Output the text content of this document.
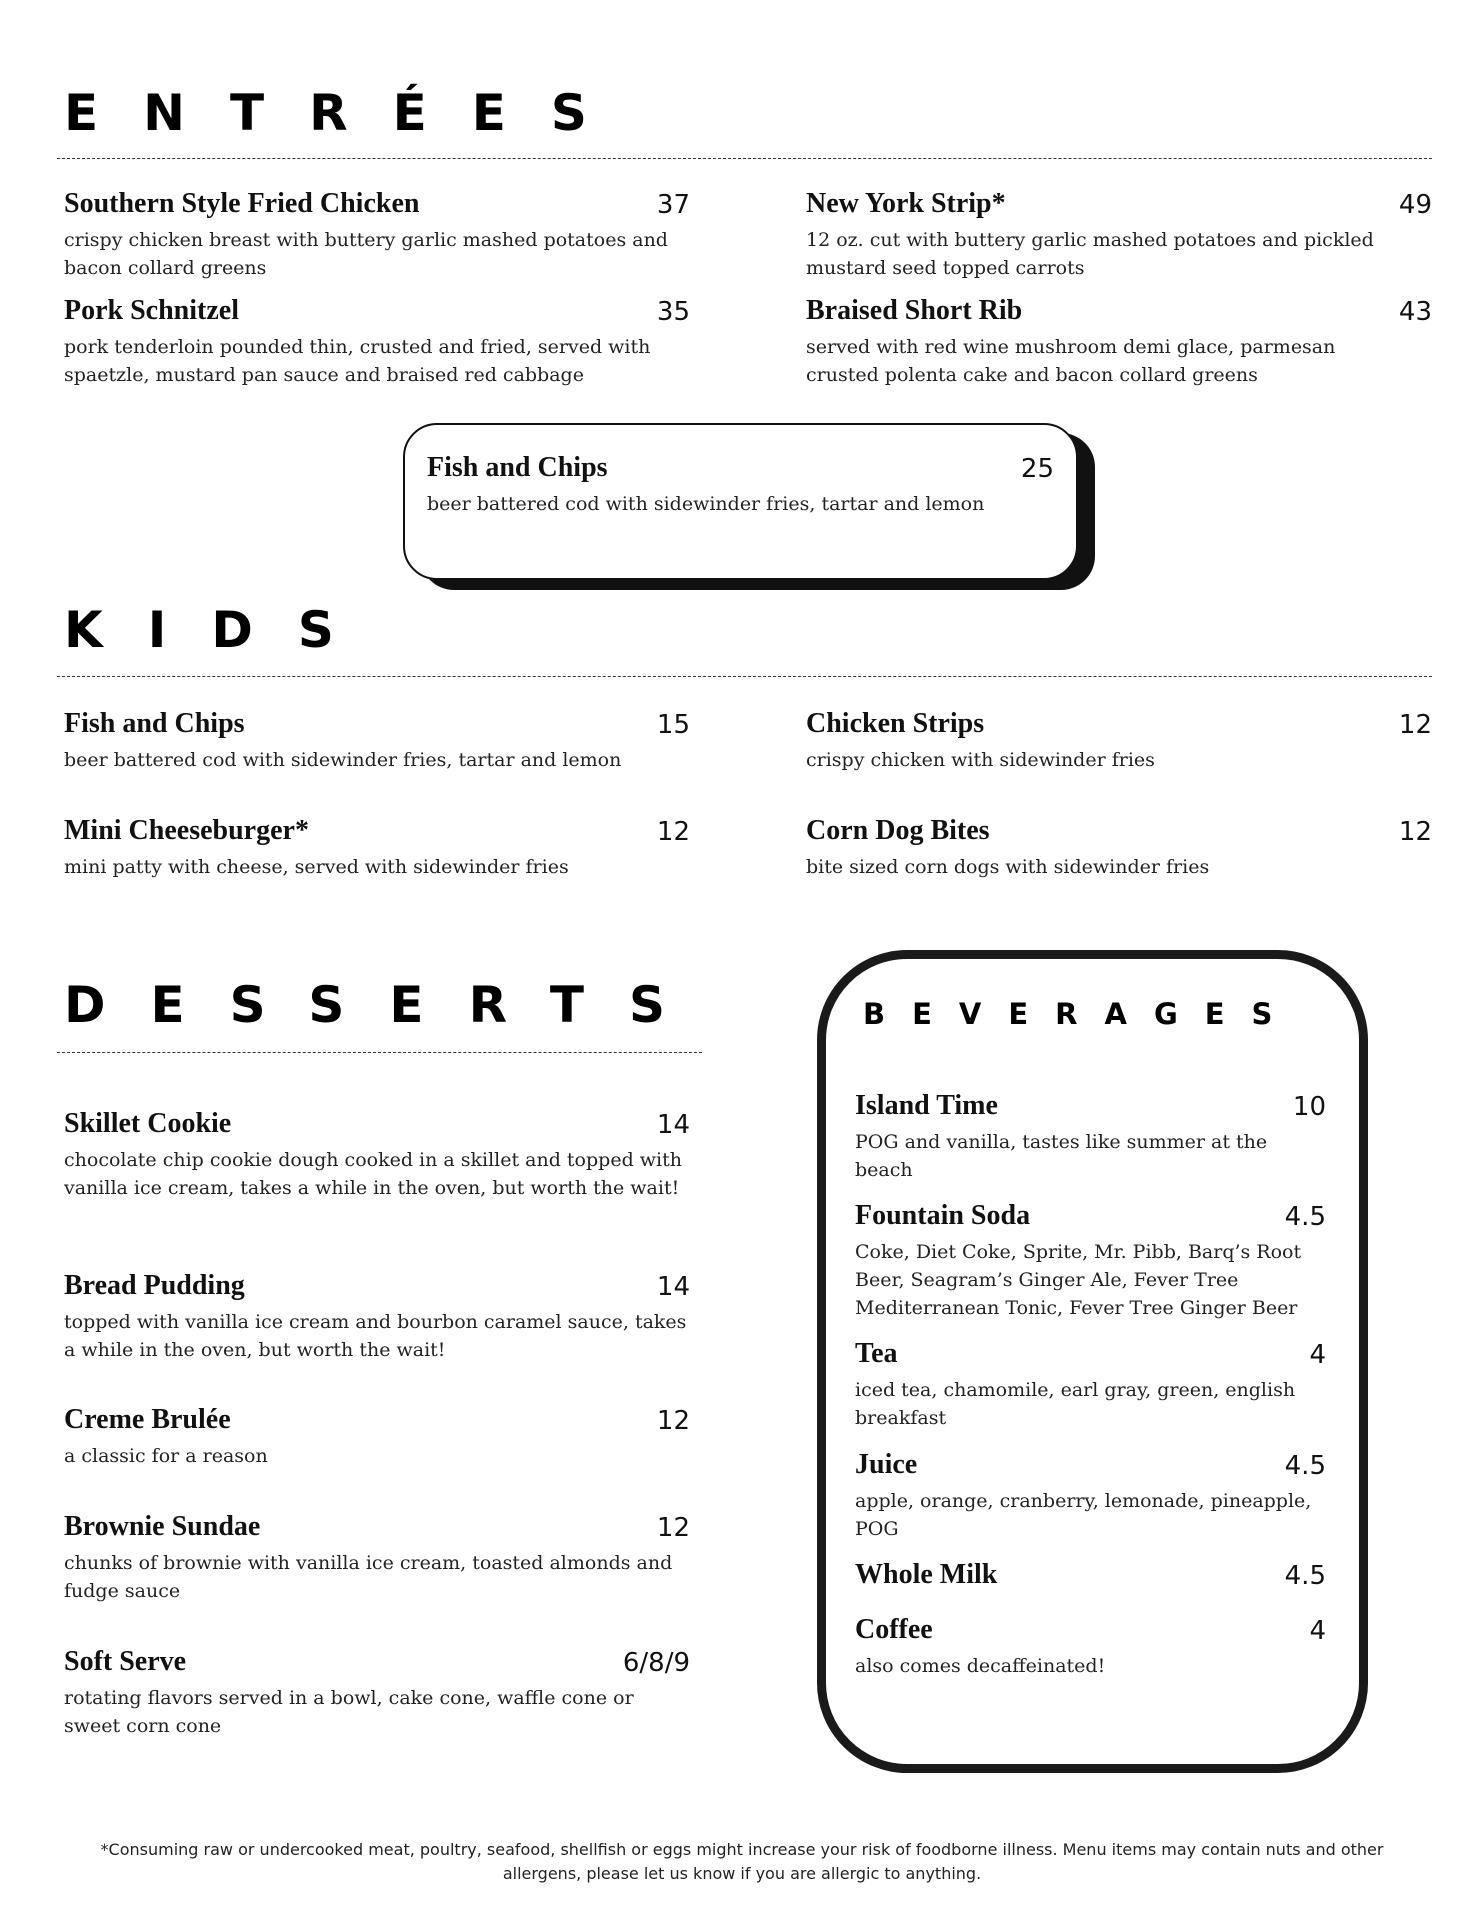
ENTRÉES
Southern Style Fried Chicken	37
crispy chicken breast with buttery garlic mashed potatoes and bacon collard greens
New York Strip*	49
12 oz. cut with buttery garlic mashed potatoes and pickled mustard seed topped carrots
Pork Schnitzel	35
pork tenderloin pounded thin, crusted and fried, served with spaetzle, mustard pan sauce and braised red cabbage
Braised Short Rib	43
served with red wine mushroom demi glace, parmesan crusted polenta cake and bacon collard greens
Fish and Chips	25
beer battered cod with sidewinder fries, tartar and lemon
KIDS
Fish and Chips	15
beer battered cod with sidewinder fries, tartar and lemon
Chicken Strips	12
crispy chicken with sidewinder fries
Mini Cheeseburger*	12
mini patty with cheese, served with sidewinder fries
Corn Dog Bites	12
bite sized corn dogs with sidewinder fries
DESSERTS
Skillet Cookie	14
chocolate chip cookie dough cooked in a skillet and topped with vanilla ice cream, takes a while in the oven, but worth the wait!
Bread Pudding	14
topped with vanilla ice cream and bourbon caramel sauce, takes a while in the oven, but worth the wait!
Creme Brulée	12
a classic for a reason
Brownie Sundae	12
chunks of brownie with vanilla ice cream, toasted almonds and fudge sauce
Soft Serve	6/8/9
rotating flavors served in a bowl, cake cone, waffle cone or sweet corn cone
BEVERAGES
Island Time	10
POG and vanilla, tastes like summer at the beach
Fountain Soda	4.5
Coke, Diet Coke, Sprite, Mr. Pibb, Barq’s Root Beer, Seagram’s Ginger Ale, Fever Tree Mediterranean Tonic, Fever Tree Ginger Beer
Tea	4
iced tea, chamomile, earl gray, green, english breakfast
Juice	4.5
apple, orange, cranberry, lemonade, pineapple, POG
Whole Milk	4.5
Coffee	4
also comes decaffeinated!
*Consuming raw or undercooked meat, poultry, seafood, shellfish or eggs might increase your risk of foodborne illness. Menu items may contain nuts and other allergens, please let us know if you are allergic to anything.
